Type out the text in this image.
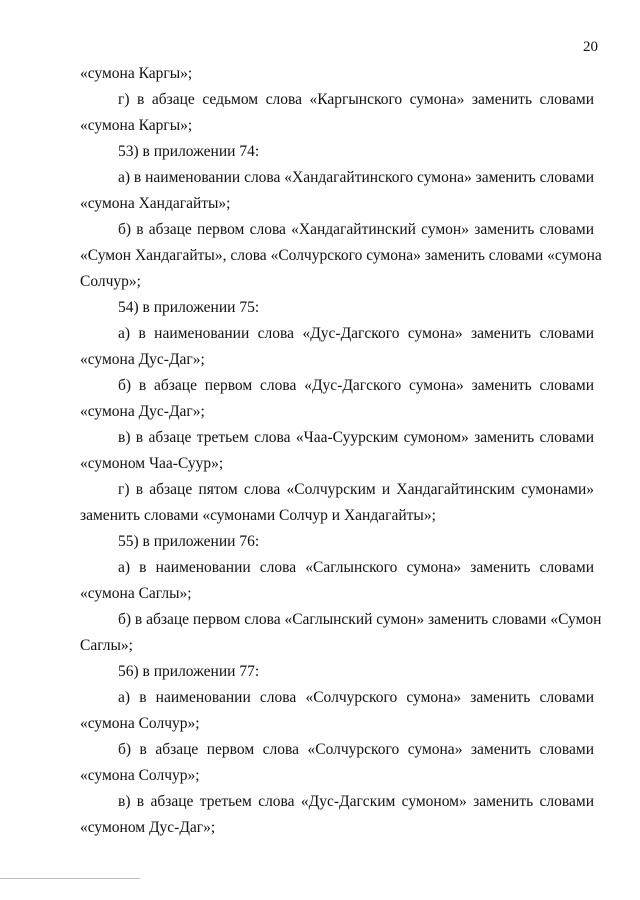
20
«сумона Каргы»;
г) в абзаце седьмом слова «Каргынского сумона» заменить словами
«сумона Каргы»;
53) в приложении 74:
а) в наименовании слова «Хандагайтинского сумона» заменить словами
«сумона Хандагайты»;
б) в абзаце первом слова «Хандагайтинский сумон» заменить словами
«Сумон Хандагайты», слова «Солчурского сумона» заменить словами «сумона
Солчур»;
54) в приложении 75:
а) в наименовании слова «Дус-Дагского сумона» заменить словами
«сумона Дус-Даг»;
б) в абзаце первом слова «Дус-Дагского сумона» заменить словами
«сумона Дус-Даг»;
в) в абзаце третьем слова «Чаа-Суурским сумоном» заменить словами
«сумоном Чаа-Суур»;
г) в абзаце пятом слова «Солчурским и Хандагайтинским сумонами»
заменить словами «сумонами Солчур и Хандагайты»;
55) в приложении 76:
а) в наименовании слова «Саглынского сумона» заменить словами
«сумона Саглы»;
б) в абзаце первом слова «Саглынский сумон» заменить словами «Сумон
Саглы»;
56) в приложении 77:
а) в наименовании слова «Солчурского сумона» заменить словами
«сумона Солчур»;
б) в абзаце первом слова «Солчурского сумона» заменить словами
«сумона Солчур»;
в) в абзаце третьем слова «Дус-Дагским сумоном» заменить словами
«сумоном Дус-Даг»;
